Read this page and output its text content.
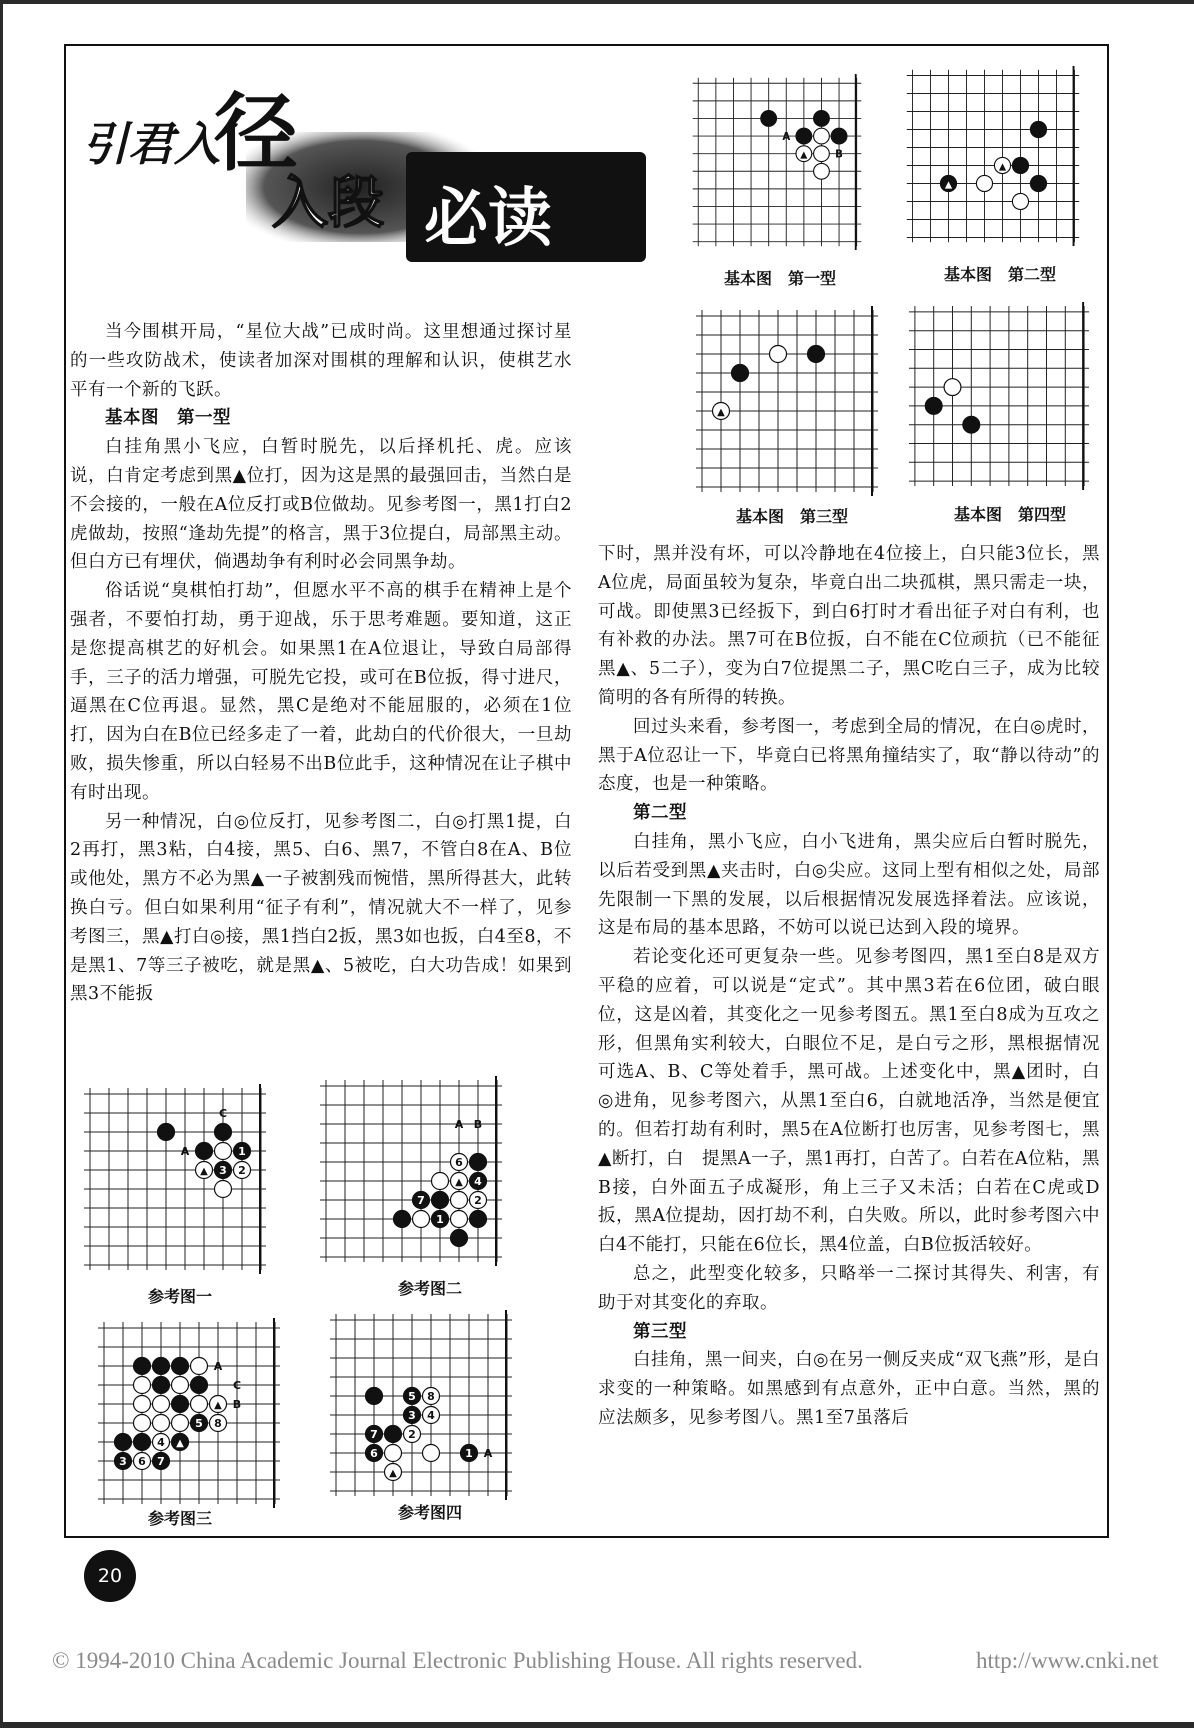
引君入
径
入段 必读

当今围棋开局，“星位大战”已成时尚。这里想通过探讨星的一些攻防战术，使读者加深对围棋的理解和认识，使棋艺水平有一个新的飞跃。

基本图　第一型

白挂角黑小飞应，白暂时脱先，以后择机托、虎。应该说，白肯定考虑到黑▲位打，因为这是黑的最强回击，当然白是不会接的，一般在A位反打或B位做劫。见参考图一，黑1打白2虎做劫，按照“逢劫先提”的格言，黑于3位提白，局部黑主动。但白方已有埋伏，倘遇劫争有利时必会同黑争劫。

俗话说“臭棋怕打劫”，但愿水平不高的棋手在精神上是个强者，不要怕打劫，勇于迎战，乐于思考难题。要知道，这正是您提高棋艺的好机会。如果黑1在A位退让，导致白局部得手，三子的活力增强，可脱先它投，或可在B位扳，得寸进尺，逼黑在C位再退。显然，黑C是绝对不能屈服的，必须在1位打，因为白在B位已经多走了一着，此劫白的代价很大，一旦劫败，损失惨重，所以白轻易不出B位此手，这种情况在让子棋中有时出现。

另一种情况，白◎位反打，见参考图二，白◎打黑1提，白2再打，黑3粘，白4接，黑5、白6、黑7，不管白8在A、B位或他处，黑方不必为黑▲一子被割残而惋惜，黑所得甚大，此转换白亏。但白如果利用“征子有利”，情况就大不一样了，见参考图三，黑▲打白◎接，黑1挡白2扳，黑3如也扳，白4至8，不是黑1、7等三子被吃，就是黑▲、5被吃，白大功告成！如果到黑3不能扳

下时，黑并没有坏，可以冷静地在4位接上，白只能3位长，黑A位虎，局面虽较为复杂，毕竟白出二块孤棋，黑只需走一块，可战。即使黑3已经扳下，到白6打时才看出征子对白有利，也有补救的办法。黑7可在B位扳，白不能在C位顽抗（已不能征黑▲、5二子），变为白7位提黑二子，黑C吃白三子，成为比较简明的各有所得的转换。

回过头来看，参考图一，考虑到全局的情况，在白◎虎时，黑于A位忍让一下，毕竟白已将黑角撞结实了，取“静以待动”的态度，也是一种策略。

第二型

白挂角，黑小飞应，白小飞进角，黑尖应后白暂时脱先，以后若受到黑▲夹击时，白◎尖应。这同上型有相似之处，局部先限制一下黑的发展，以后根据情况发展选择着法。应该说，这是布局的基本思路，不妨可以说已达到入段的境界。

若论变化还可更复杂一些。见参考图四，黑1至白8是双方平稳的应着，可以说是“定式”。其中黑3若在6位团，破白眼位，这是凶着，其变化之一见参考图五。黑1至白8成为互攻之形，但黑角实利较大，白眼位不足，是白亏之形，黑根据情况可选A、B、C等处着手，黑可战。上述变化中，黑▲团时，白◎进角，见参考图六，从黑1至白6，白就地活净，当然是便宜的。但若打劫有利时，黑5在A位断打也厉害，见参考图七，黑▲断打，白　提黑A一子，黑1再打，白苦了。白若在A位粘，黑B接，白外面五子成凝形，角上三子又未活；白若在C虎或D扳，黑A位提劫，因打劫不利，白失败。所以，此时参考图六中白4不能打，只能在6位长，黑4位盖，白B位扳活较好。

总之，此型变化较多，只略举一二探讨其得失、利害，有助于对其变化的弃取。

第三型

白挂角，黑一间夹，白◎在另一侧反夹成“双飞燕”形，是白求变的一种策略。如黑感到有点意外，正中白意。当然，黑的应法颇多，见参考图八。黑1至7虽落后

A
B
▲
▲
▲
▲
A
C
1
▲ 3 2
A B
6
▲ 4
7	2
1
A
C
B
▲
5 8
4 ▲
3 6 7
A
5 8
3 4
7	2
6	1
▲
基本图　第一型	基本图　第二型
基本图　第三型	基本图　第四型
参考图一	参考图二
参考图三	参考图四
20
© 1994-2010 China Academic Journal Electronic Publishing House. All rights reserved.	http://www.cnki.net
